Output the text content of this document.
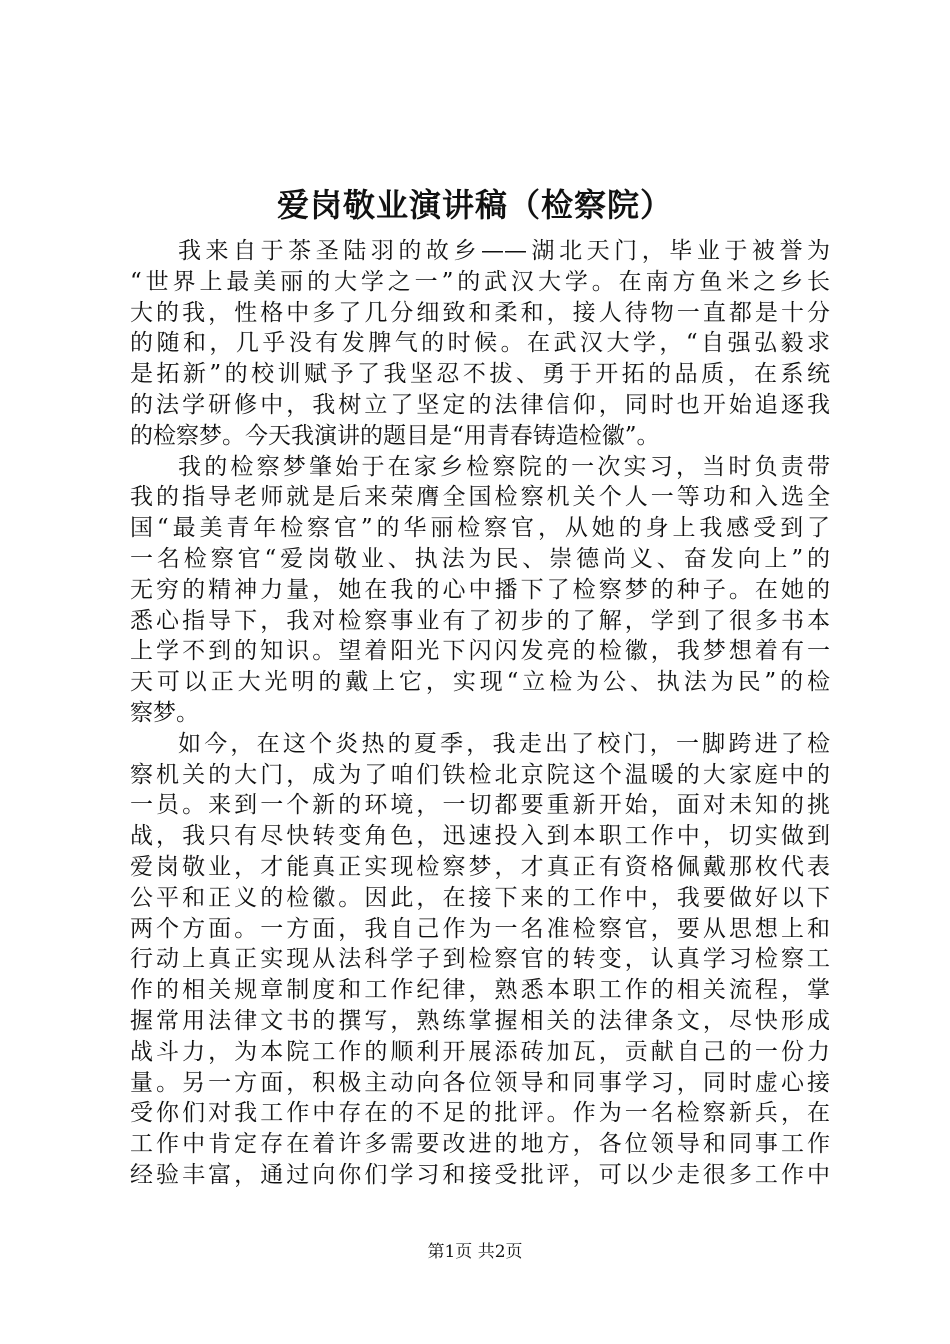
爱岗敬业演讲稿（检察院）
我来自于茶圣陆羽的故乡——湖北天门，毕业于被誉为
“世界上最美丽的大学之一”的武汉大学。在南方鱼米之乡长
大的我，性格中多了几分细致和柔和，接人待物一直都是十分
的随和，几乎没有发脾气的时候。在武汉大学，“自强弘毅求
是拓新”的校训赋予了我坚忍不拔、勇于开拓的品质，在系统
的法学研修中，我树立了坚定的法律信仰，同时也开始追逐我
的检察梦。今天我演讲的题目是“用青春铸造检徽”。
我的检察梦肇始于在家乡检察院的一次实习，当时负责带
我的指导老师就是后来荣膺全国检察机关个人一等功和入选全
国“最美青年检察官”的华丽检察官，从她的身上我感受到了
一名检察官“爱岗敬业、执法为民、崇德尚义、奋发向上”的
无穷的精神力量，她在我的心中播下了检察梦的种子。在她的
悉心指导下，我对检察事业有了初步的了解，学到了很多书本
上学不到的知识。望着阳光下闪闪发亮的检徽，我梦想着有一
天可以正大光明的戴上它，实现“立检为公、执法为民”的检
察梦。
如今，在这个炎热的夏季，我走出了校门，一脚跨进了检
察机关的大门，成为了咱们铁检北京院这个温暖的大家庭中的
一员。来到一个新的环境，一切都要重新开始，面对未知的挑
战，我只有尽快转变角色，迅速投入到本职工作中，切实做到
爱岗敬业，才能真正实现检察梦，才真正有资格佩戴那枚代表
公平和正义的检徽。因此，在接下来的工作中，我要做好以下
两个方面。一方面，我自己作为一名准检察官，要从思想上和
行动上真正实现从法科学子到检察官的转变，认真学习检察工
作的相关规章制度和工作纪律，熟悉本职工作的相关流程，掌
握常用法律文书的撰写，熟练掌握相关的法律条文，尽快形成
战斗力，为本院工作的顺利开展添砖加瓦，贡献自己的一份力
量。另一方面，积极主动向各位领导和同事学习，同时虚心接
受你们对我工作中存在的不足的批评。作为一名检察新兵，在
工作中肯定存在着许多需要改进的地方，各位领导和同事工作
经验丰富，通过向你们学习和接受批评，可以少走很多工作中
第1页 共2页
